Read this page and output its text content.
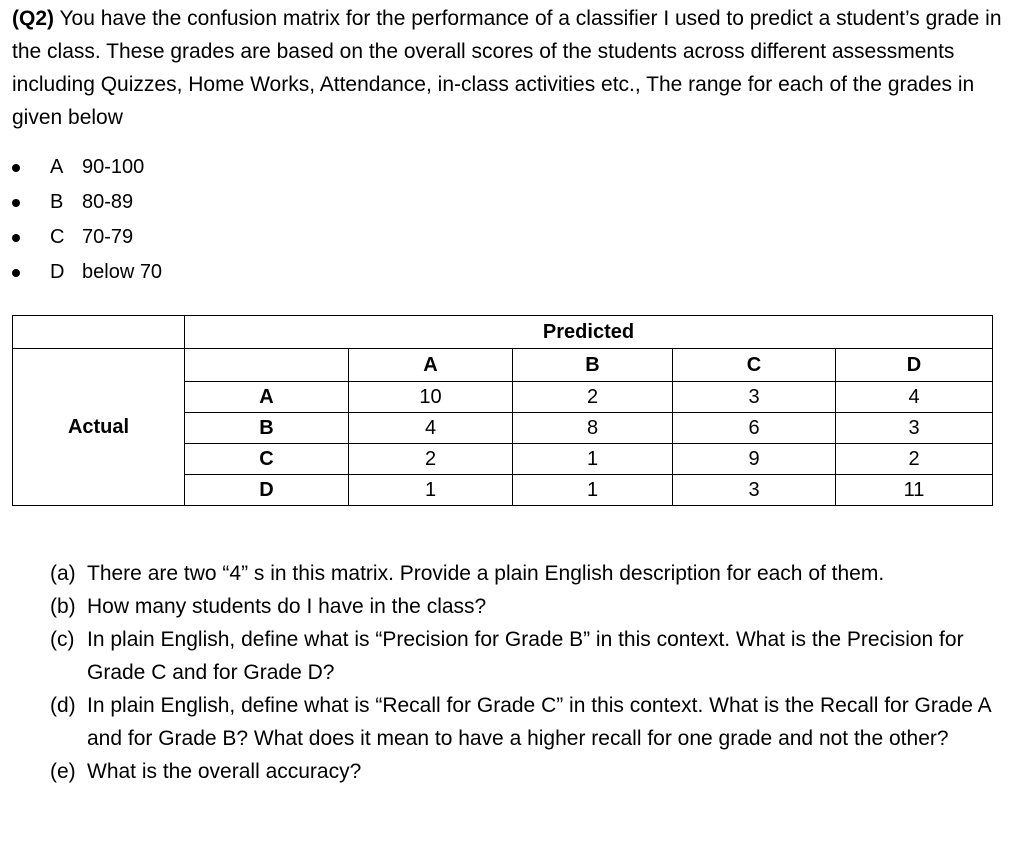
(Q2) You have the confusion matrix for the performance of a classifier I used to predict a student’s grade in the class. These grades are based on the overall scores of the students across different assessments including Quizzes, Home Works, Attendance, in-class activities etc., The range for each of the grades in given below
A 90-100
B 80-89
C 70-79
D below 70
	Predicted				
Actual		A	B	C	D
	A	10	2	3	4
	B	4	8	6	3
	C	2	1	9	2
	D	1	1	3	11
(a) There are two “4” s in this matrix. Provide a plain English description for each of them.
(b) How many students do I have in the class?
(c) In plain English, define what is “Precision for Grade B” in this context. What is the Precision for Grade C and for Grade D?
(d) In plain English, define what is “Recall for Grade C” in this context. What is the Recall for Grade A and for Grade B? What does it mean to have a higher recall for one grade and not the other?
(e) What is the overall accuracy?
